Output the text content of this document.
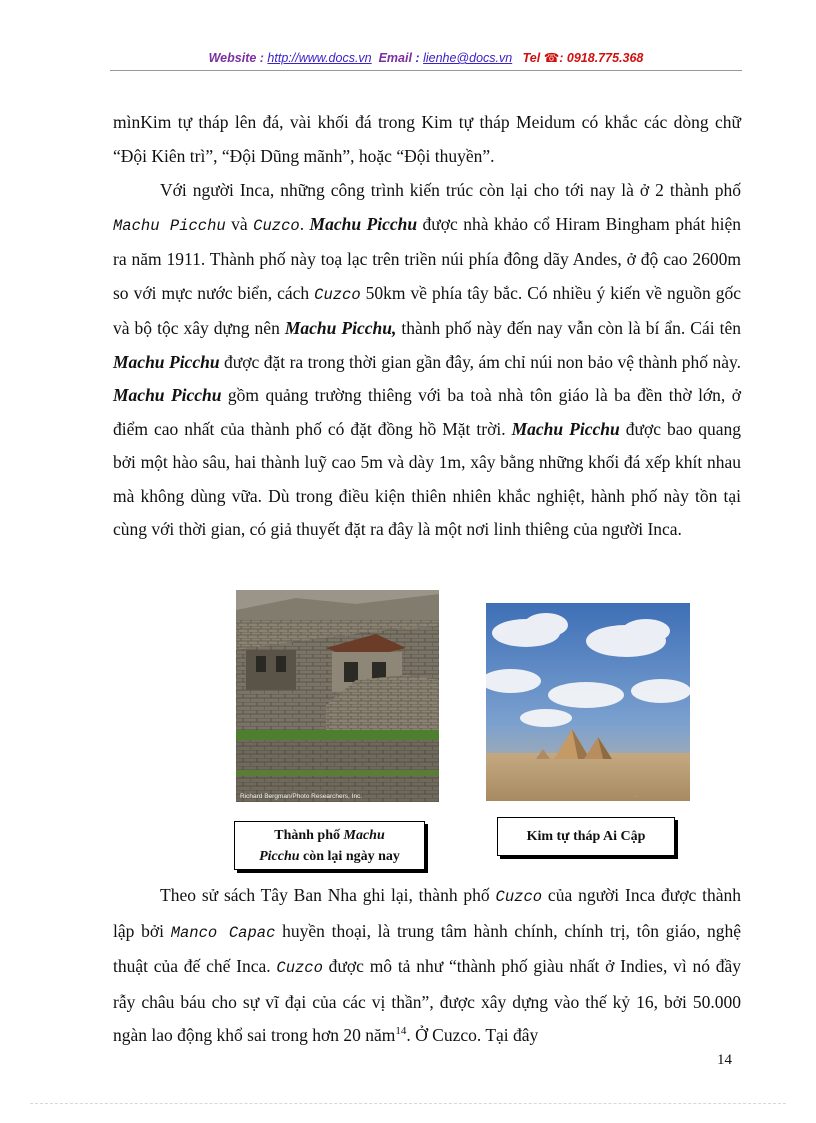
Website : http://www.docs.vn Email : lienhe@docs.vn Tel ☎: 0918.775.368

mìnKim tự tháp lên đá, vài khối đá trong Kim tự tháp Meidum có khắc các dòng chữ “Đội Kiên trì”, “Đội Dũng mãnh”, hoặc “Đội thuyền”.

Với người Inca, những công trình kiến trúc còn lại cho tới nay là ở 2 thành phố Machu Picchu và Cuzco. Machu Picchu được nhà khảo cổ Hiram Bingham phát hiện ra năm 1911. Thành phố này toạ lạc trên triền núi phía đông dãy Andes, ở độ cao 2600m so với mực nước biển, cách Cuzco 50km về phía tây bắc. Có nhiều ý kiến về nguồn gốc và bộ tộc xây dựng nên Machu Picchu, thành phố này đến nay vẫn còn là bí ẩn. Cái tên Machu Picchu được đặt ra trong thời gian gần đây, ám chỉ núi non bảo vệ thành phố này. Machu Picchu gồm quảng trường thiêng với ba toà nhà tôn giáo là ba đền thờ lớn, ở điểm cao nhất của thành phố có đặt đồng hồ Mặt trời. Machu Picchu được bao quang bởi một hào sâu, hai thành luỹ cao 5m và dày 1m, xây bằng những khối đá xếp khít nhau mà không dùng vữa. Dù trong điều kiện thiên nhiên khắc nghiệt, hành phố này tồn tại cùng với thời gian, có giả thuyết đặt ra đây là một nơi linh thiêng của người Inca.

Richard Bergman/Photo Researchers, Inc.	.
Thành phố Machu
Picchu còn lại ngày nay
Kim tự tháp Ai Cập

Theo sử sách Tây Ban Nha ghi lại, thành phố Cuzco của người Inca được thành lập bởi Manco Capac huyền thoại, là trung tâm hành chính, chính trị, tôn giáo, nghệ thuật của đế chế Inca. Cuzco được mô tả như “thành phố giàu nhất ở Indies, vì nó đầy rẫy châu báu cho sự vĩ đại của các vị thần”, được xây dựng vào thế kỷ 16, bởi 50.000 ngàn lao động khổ sai trong hơn 20 năm$^{14}$. Ở Cuzco. Tại đây

14
